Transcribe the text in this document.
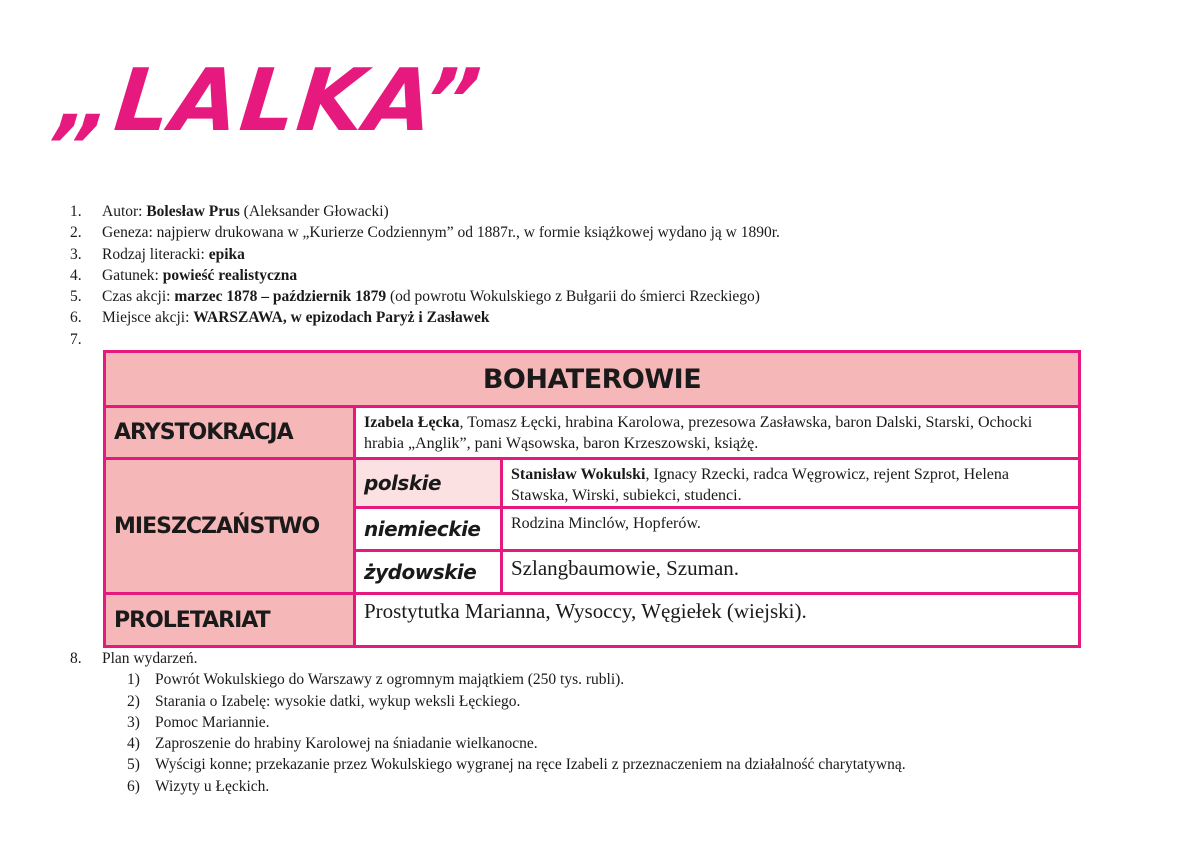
„LALKA”
1.	Autor: Bolesław Prus (Aleksander Głowacki)
2.	Geneza: najpierw drukowana w „Kurierze Codziennym” od 1887r., w formie książkowej wydano ją w 1890r.
3.	Rodzaj literacki: epika
4.	Gatunek: powieść realistyczna
5.	Czas akcji: marzec 1878 – październik 1879 (od powrotu Wokulskiego z Bułgarii do śmierci Rzeckiego)
6.	Miejsce akcji: WARSZAWA, w epizodach Paryż i Zasławek
7.
BOHATEROWIE		
ARYSTOKRACJA	Izabela Łęcka, Tomasz Łęcki, hrabina Karolowa, prezesowa Zasławska, baron Dalski, Starski, Ochocki hrabia „Anglik”, pani Wąsowska, baron Krzeszowski, książę.	
MIESZCZAŃSTWO	polskie	Stanisław Wokulski, Ignacy Rzecki, radca Węgrowicz, rejent Szprot, Helena Stawska, Wirski, subiekci, studenci.
	niemieckie	Rodzina Minclów, Hopferów.
	żydowskie	Szlangbaumowie, Szuman.
PROLETARIAT	Prostytutka Marianna, Wysoccy, Węgiełek (wiejski).	
8.	Plan wydarzeń.
1) Powrót Wokulskiego do Warszawy z ogromnym majątkiem (250 tys. rubli).
2) Starania o Izabelę: wysokie datki, wykup weksli Łęckiego.
3) Pomoc Mariannie.
4) Zaproszenie do hrabiny Karolowej na śniadanie wielkanocne.
5) Wyścigi konne; przekazanie przez Wokulskiego wygranej na ręce Izabeli z przeznaczeniem na działalność charytatywną.
6) Wizyty u Łęckich.
